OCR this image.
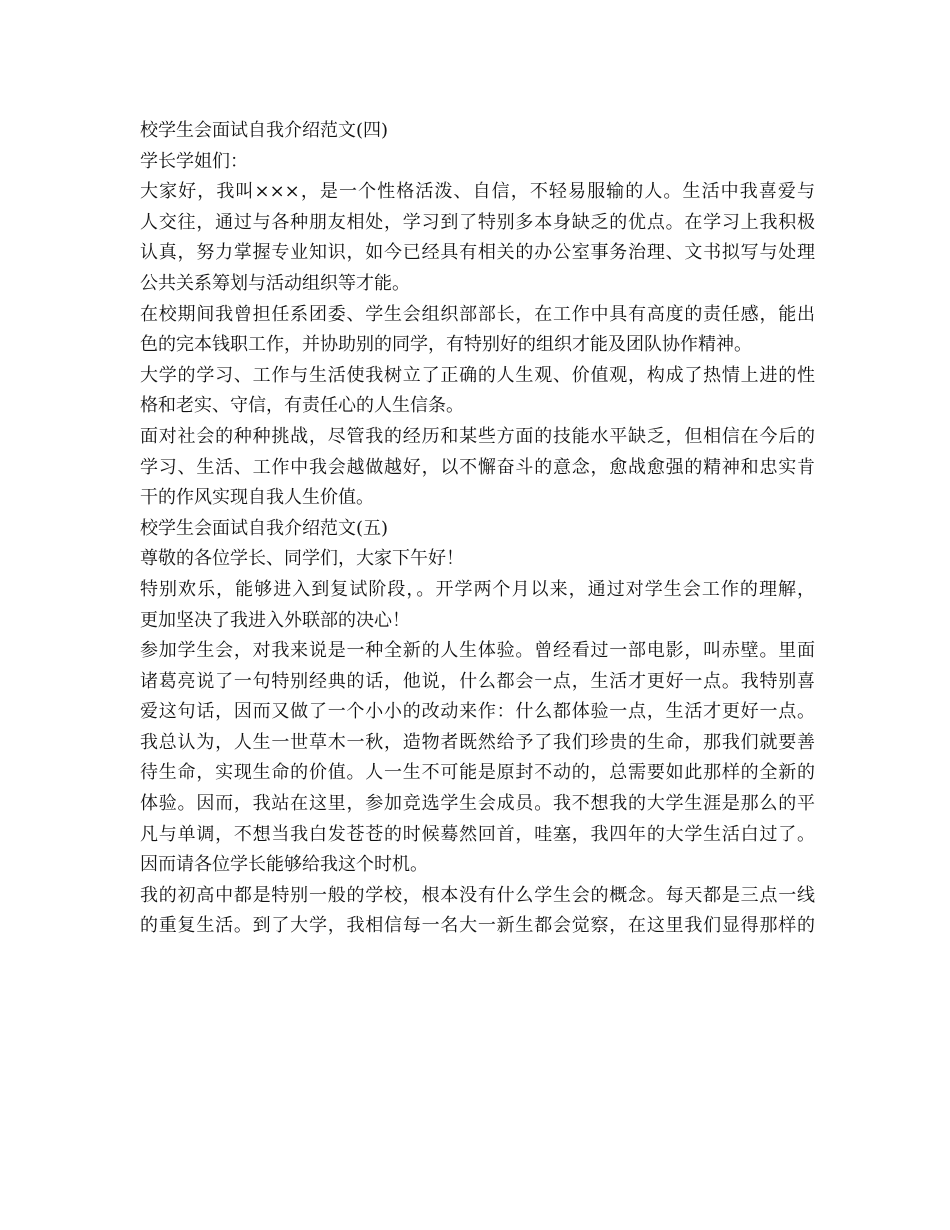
校学生会面试自我介绍范文(四)
学长学姐们：
大家好，我叫×××，是一个性格活泼、自信，不轻易服输的人。生活中我喜爱与
人交往，通过与各种朋友相处，学习到了特别多本身缺乏的优点。在学习上我积极
认真，努力掌握专业知识，如今已经具有相关的办公室事务治理、文书拟写与处理
公共关系筹划与活动组织等才能。
在校期间我曾担任系团委、学生会组织部部长，在工作中具有高度的责任感，能出
色的完本钱职工作，并协助别的同学，有特别好的组织才能及团队协作精神。
大学的学习、工作与生活使我树立了正确的人生观、价值观，构成了热情上进的性
格和老实、守信，有责任心的人生信条。
面对社会的种种挑战，尽管我的经历和某些方面的技能水平缺乏，但相信在今后的
学习、生活、工作中我会越做越好，以不懈奋斗的意念，愈战愈强的精神和忠实肯
干的作风实现自我人生价值。
校学生会面试自我介绍范文(五)
尊敬的各位学长、同学们，大家下午好！
特别欢乐，能够进入到复试阶段，。开学两个月以来，通过对学生会工作的理解，
更加坚决了我进入外联部的决心！
参加学生会，对我来说是一种全新的人生体验。曾经看过一部电影，叫赤壁。里面
诸葛亮说了一句特别经典的话，他说，什么都会一点，生活才更好一点。我特别喜
爱这句话，因而又做了一个小小的改动来作：什么都体验一点，生活才更好一点。
我总认为，人生一世草木一秋，造物者既然给予了我们珍贵的生命，那我们就要善
待生命，实现生命的价值。人一生不可能是原封不动的，总需要如此那样的全新的
体验。因而，我站在这里，参加竞选学生会成员。我不想我的大学生涯是那么的平
凡与单调，不想当我白发苍苍的时候蓦然回首，哇塞，我四年的大学生活白过了。
因而请各位学长能够给我这个时机。
我的初高中都是特别一般的学校，根本没有什么学生会的概念。每天都是三点一线
的重复生活。到了大学，我相信每一名大一新生都会觉察，在这里我们显得那样的
